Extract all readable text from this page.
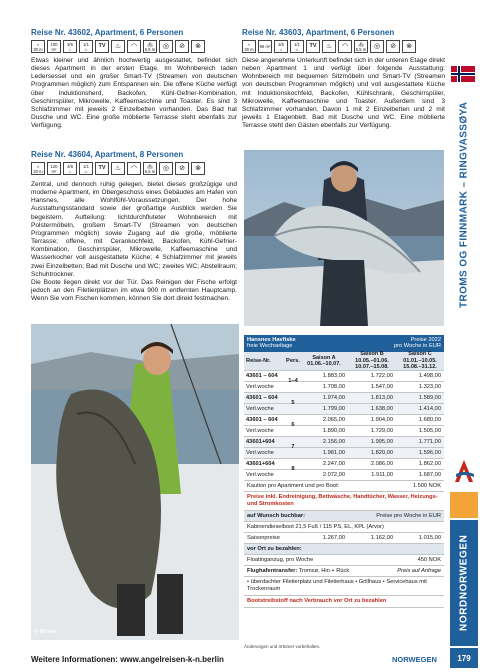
Reise Nr. 43602, Apartment, 6 Personen
≈
30 m
100 m²
3/6
⌂
1/1
♨	TV	♨	◠	⛴
5,5 m	◎	⊘	⊗

Etwas kleiner und ähnlich hochwertig ausgestattet, befindet sich dieses Apartment in der ersten Etage. Im Wohnbereich laden Ledersessel und ein großer Smart-TV (Streamen von deutschen Programmen möglich) zum Entspannen ein. Die offene Küche verfügt über Induktionsherd, Backofen, Kühl-Gefrier-Kombination, Geschirrspüler, Mikrowelle, Kaffeemaschine und Toaster. Es sind 3 Schlafzimmer mit jeweils 2 Einzelbetten vorhanden. Das Bad hat Dusche und WC. Eine große möblierte Terrasse steht ebenfalls zur Verfügung.

Reise Nr. 43603, Apartment, 6 Personen
≈
30 m 95 m² 3/6
⌂
1/1
♨	TV	♨	◠	⛴
5,5 m	◎	⊘	⊗

Diese angenehme Unterkunft befindet sich in der unteren Etage direkt neben Apartment 1 und verfügt über folgende Ausstattung: Wohnbereich mit bequemen Sitzmöbeln und Smart-TV (Streamen von deutschen Programmen möglich) und voll ausgestattete Küche mit Induktionskochfeld, Backofen, Kühlschrank, Geschirrspüler, Mikrowelle, Kaffeemaschine und Toaster. Außerdem sind 3 Schlafzimmer vorhanden. Davon 1 mit 2 Einzelbetten und 2 mit jeweils 1 Etagenbett. Bad mit Dusche und WC. Eine möblierte Terrasse steht den Gästen ebenfalls zur Verfügung.

Reise Nr. 43604, Apartment, 8 Personen
≈
20 m
120 m²
4/8
⌂
1/1
♨	TV	♨	◠	⛴
5,5 m	◎	⊘	⊗

Zentral, und dennoch ruhig gelegen, bietet dieses großzügige und moderne Apartment, im Obergeschoss eines Gebäudes am Hafen von Hansnes, alle Wohlfühl-Voraussetzungen. Der hohe Ausstattungsstandard sowie der großartige Ausblick werden Sie begeistern. Aufteilung: lichtdurchfluteter Wohnbereich mit Polstermöbeln, großem Smart-TV (Streamen von deutschen Programmen möglich) sowie Zugang auf die große, möblierte Terrasse; offene, mit Cerankochfeld, Backofen, Kühl-Gefrier-Kombination, Geschirrspüler, Mikrowelle, Kaffeemaschine und Wasserkocher voll ausgestattete Küche; 4 Schlafzimmer mit jeweils zwei Einzelbetten; Bad mit Dusche und WC; zweites WC; Abstellraum; Schuhtrockner.

Die Boote liegen direkt vor der Tür. Das Reinigen der Fische erfolgt jedoch an den Filetierplätzen im etwa 900 m entfernten Hauptcamp. Wenn Sie vom Fischen kommen, können Sie dort direkt festmachen.

© Blinker
TROMS OG FINNMARK – RINGVASSØYA
NORDNORWEGEN
Hansnes Havfiske
freie Wechseltage
Preise 2022
pro Woche in EUR
Reise-Nr.	Pers.
Saison A
01.06.–10.07.
Saison B
10.05.–01.06. 10.07.–15.08.
Saison C
01.01.–10.05. 15.08.–31.12.
43601 – 604
1–4
1.883,00	1.722,00	1.498,00
Verl.woche	1.708,00	1.547,00	1.323,00
43601 – 604
5
1.974,00	1.813,00	1.589,00
Verl.woche	1.799,00	1.638,00	1.414,00
43601 – 604
6
2.065,00	1.904,00	1.680,00
Verl.woche	1.890,00	1.729,00	1.505,00
43601+604
7
2.156,00	1.995,00	1.771,00
Verl.woche	1.981,00	1.820,00	1.596,00
43601+604
8
2.247,00	2.086,00	1.862,00
Verl.woche	2.072,00	1.911,00	1.687,00
Kaution pro Apartment und pro Boot:	1.500 NOK
Preise inkl. Endreinigung, Bettwäsche, Handtücher, Wasser, Heizungs- und Stromkosten
auf Wunsch buchbar:	Preise pro Woche in EUR
Kabinendieselboot 21,5 Fuß / 115 PS, EL, KPL (Arvor)
Saisonpreise	1.267,00	1.162,00	1.015,00
vor Ort zu bezahlen:
Floatinganzug, pro Woche	450 NOK
Flughafentransfer: Tromsø, Hin + Rück	Preis auf Anfrage
• überdachter Filetierplatz und Filetierhaus • Grillhaus • Servicehaus mit Trockenraum
Bootstreibstoff nach Verbrauch vor Ort zu bezahlen
Änderungen und Irrtümer vorbehalten.
Weitere Informationen: www.angelreisen-k-n.berlin	NORWEGEN	179
